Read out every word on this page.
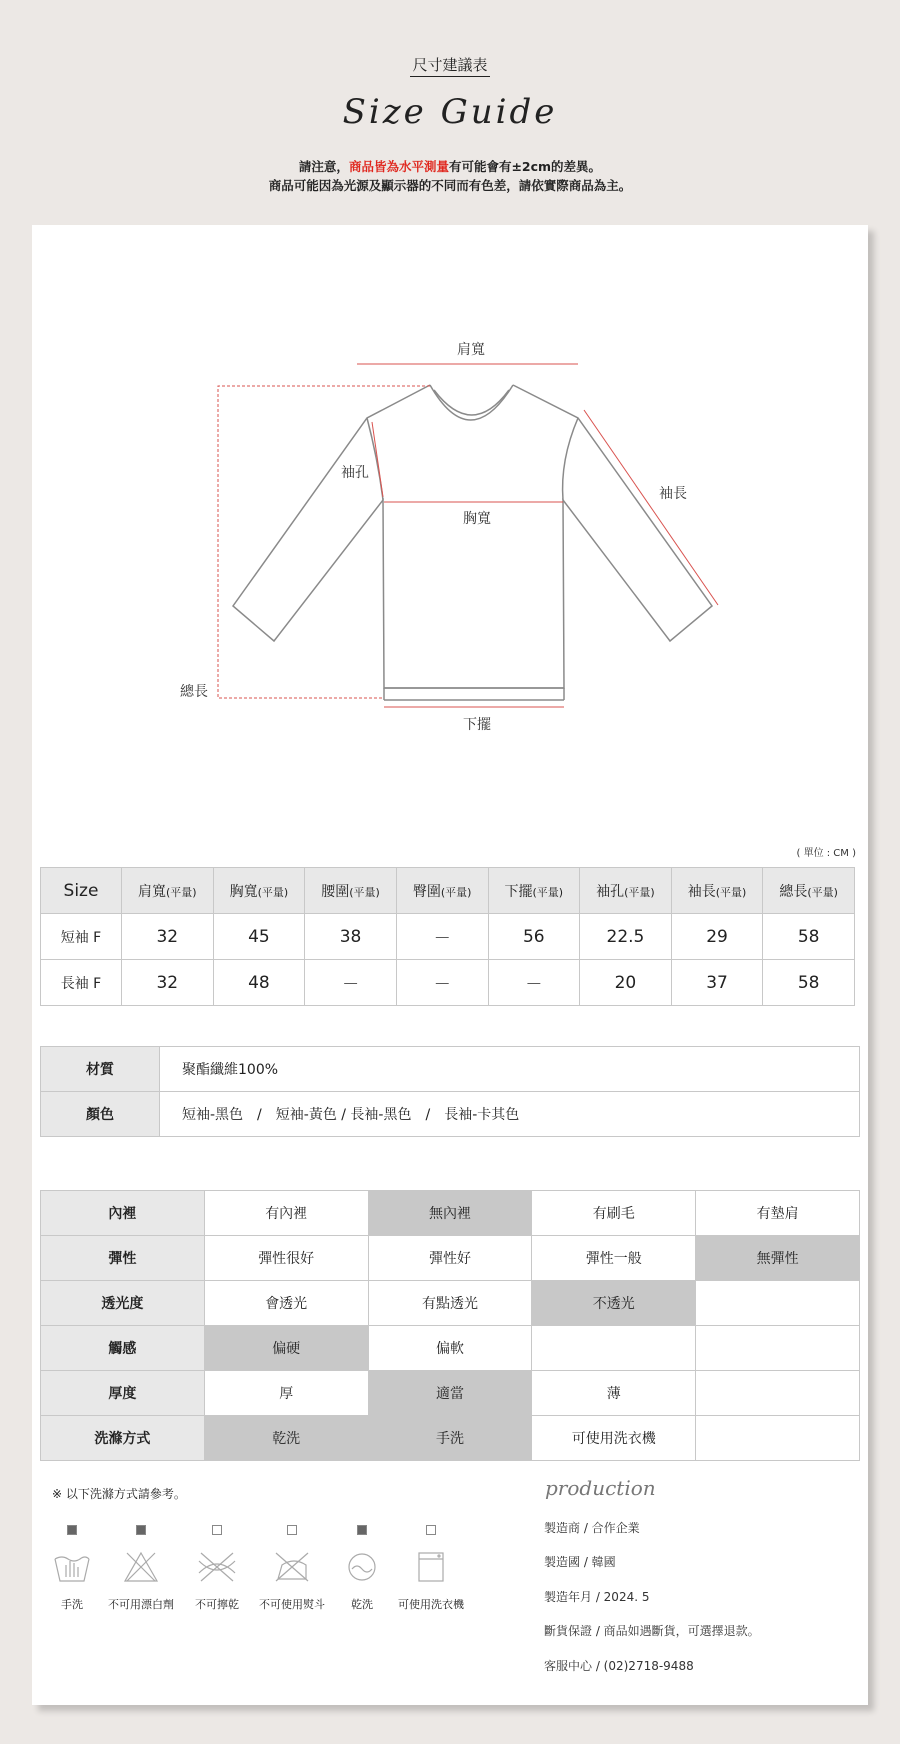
尺寸建議表
Size Guide
請注意，商品皆為水平測量有可能會有±2cm的差異。
商品可能因為光源及顯示器的不同而有色差，請依實際商品為主。
肩寬
袖孔
袖長
胸寬
總長
下擺
( 單位 : CM )
Size	肩寬(平量)	胸寬(平量)	腰圍(平量)	臀圍(平量)	下擺(平量)	袖孔(平量)	袖長(平量)	總長(平量)
短袖 F	32	45	38	－	56	22.5	29	58
長袖 F	32	48	－	－	－	20	37	58
材質	聚酯纖維100%
顏色	短袖-黑色　/　短袖-黃色 / 長袖-黑色　/　長袖-卡其色
內裡	有內裡	無內裡	有刷毛	有墊肩
彈性	彈性很好	彈性好	彈性一般	無彈性
透光度	會透光	有點透光	不透光	
觸感	偏硬	偏軟		
厚度	厚	適當	薄	
洗滌方式	乾洗	手洗	可使用洗衣機	
※ 以下洗滌方式請參考。
手洗	不可用漂白劑	不可擰乾	不可使用熨斗	乾洗	可使用洗衣機
production
製造商 / 合作企業
製造國 / 韓國
製造年月 / 2024. 5
斷貨保證 / 商品如遇斷貨，可選擇退款。
客服中心 / (02)2718-9488
